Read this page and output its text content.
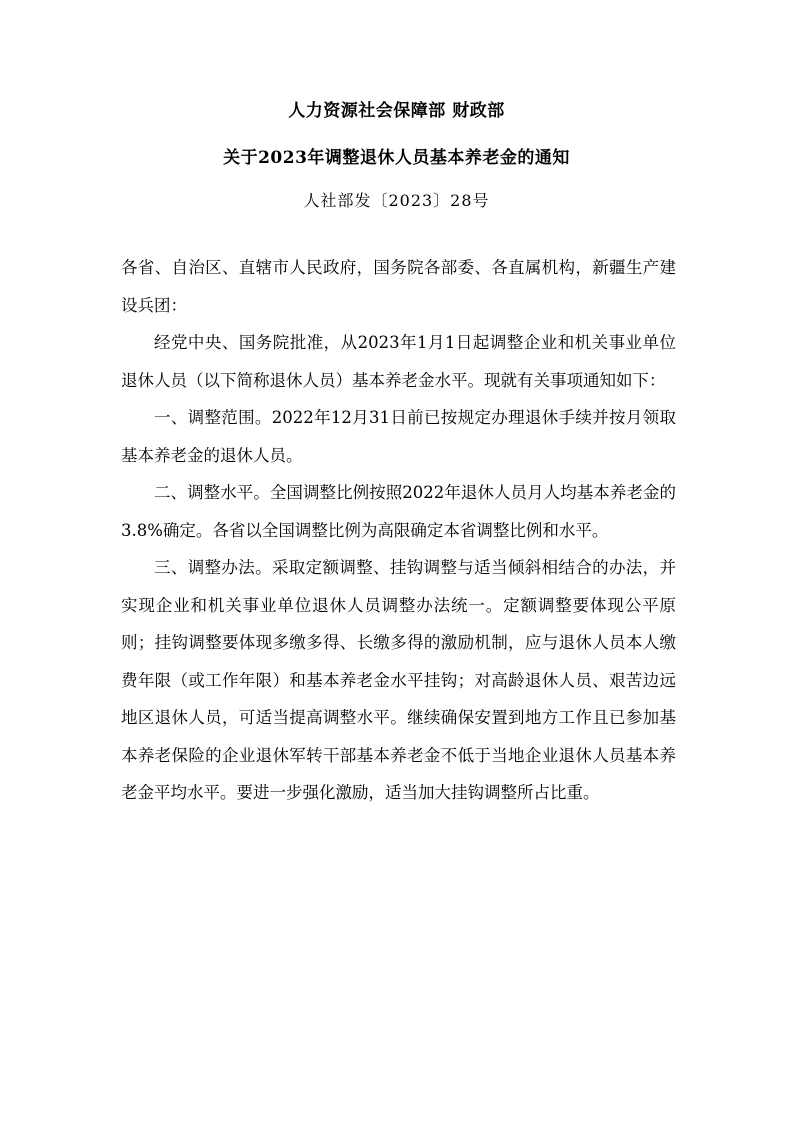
人力资源社会保障部 财政部
关于2023年调整退休人员基本养老金的通知
人社部发〔2023〕28号

各省、自治区、直辖市人民政府，国务院各部委、各直属机构，新疆生产建设兵团：

经党中央、国务院批准，从2023年1月1日起调整企业和机关事业单位退休人员（以下简称退休人员）基本养老金水平。现就有关事项通知如下：

一、调整范围。2022年12月31日前已按规定办理退休手续并按月领取基本养老金的退休人员。

二、调整水平。全国调整比例按照2022年退休人员月人均基本养老金的3.8%确定。各省以全国调整比例为高限确定本省调整比例和水平。

三、调整办法。采取定额调整、挂钩调整与适当倾斜相结合的办法，并实现企业和机关事业单位退休人员调整办法统一。定额调整要体现公平原则；挂钩调整要体现多缴多得、长缴多得的激励机制，应与退休人员本人缴费年限（或工作年限）和基本养老金水平挂钩；对高龄退休人员、艰苦边远地区退休人员，可适当提高调整水平。继续确保安置到地方工作且已参加基本养老保险的企业退休军转干部基本养老金不低于当地企业退休人员基本养老金平均水平。要进一步强化激励，适当加大挂钩调整所占比重。
